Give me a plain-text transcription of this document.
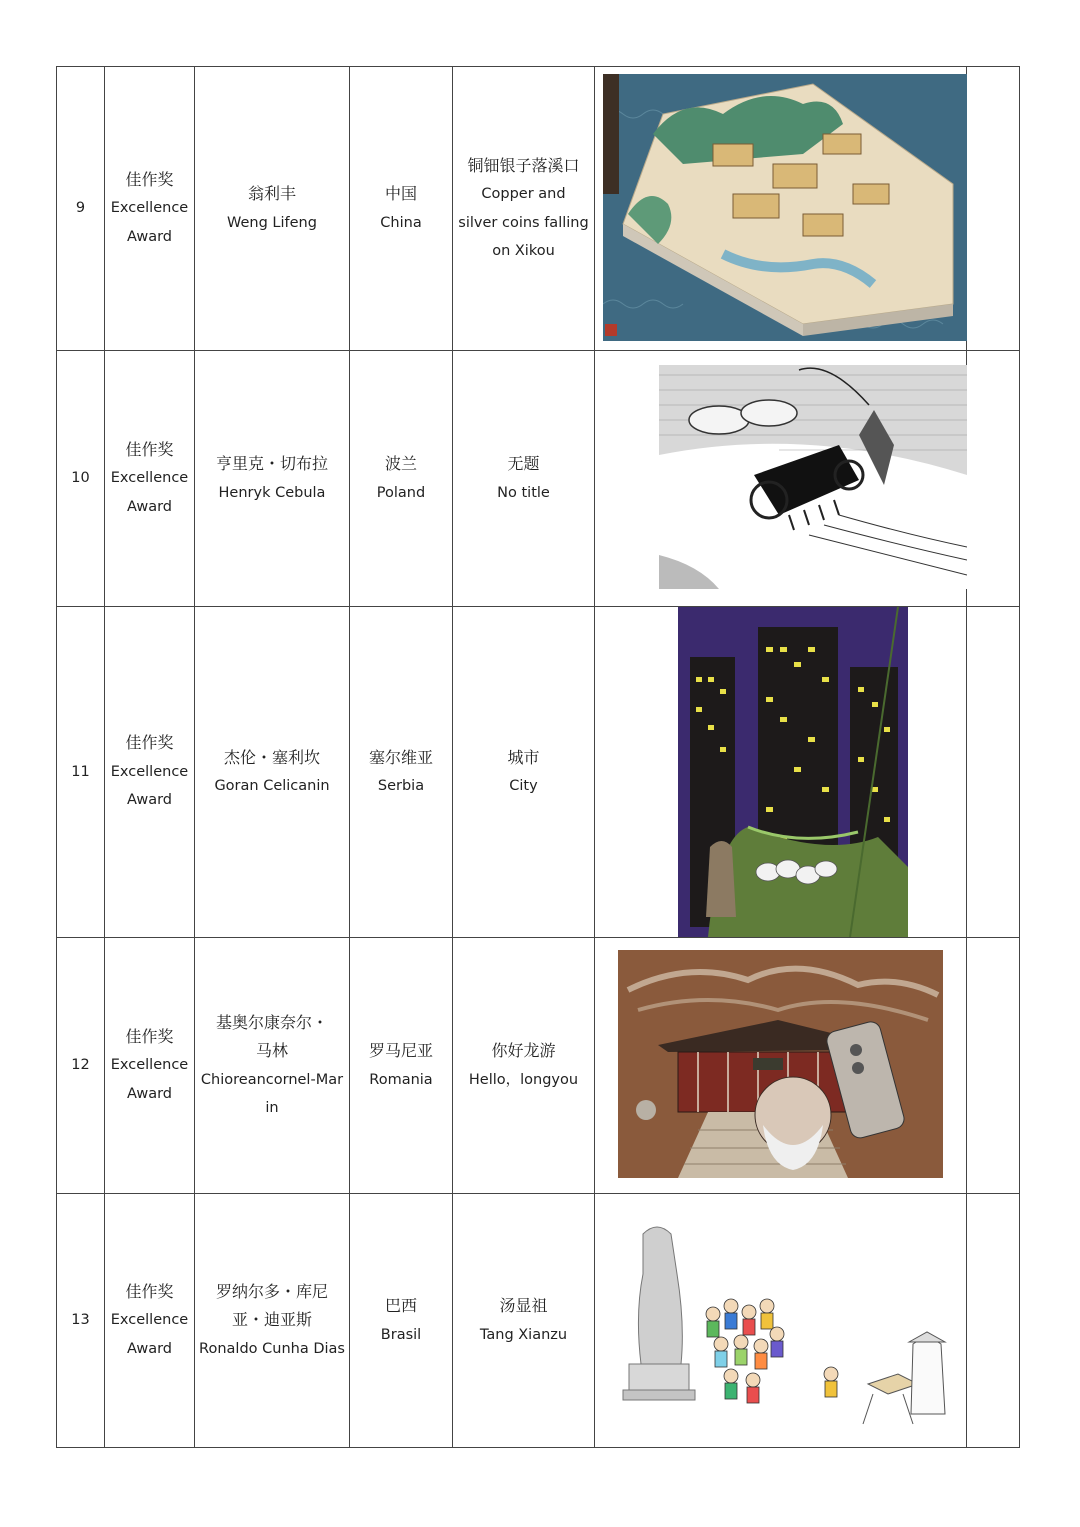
9	佳作奖
Excellence
Award	翁利丰
Weng Lifeng	中国
China	铜钿银子落溪口
Copper and
silver coins falling
on Xikou

10	佳作奖
Excellence
Award	亨里克・切布拉
Henryk Cebula	波兰
Poland	无题
No title

11	佳作奖
Excellence
Award	杰伦・塞利坎
Goran Celicanin	塞尔维亚
Serbia	城市
City

12	佳作奖
Excellence
Award	基奥尔康奈尔・
马林
Chioreancornel-Mar
in	罗马尼亚
Romania	你好龙游
Hello，longyou

13	佳作奖
Excellence
Award	罗纳尔多・库尼
亚・迪亚斯
Ronaldo Cunha Dias	巴西
Brasil	汤显祖
Tang Xianzu
